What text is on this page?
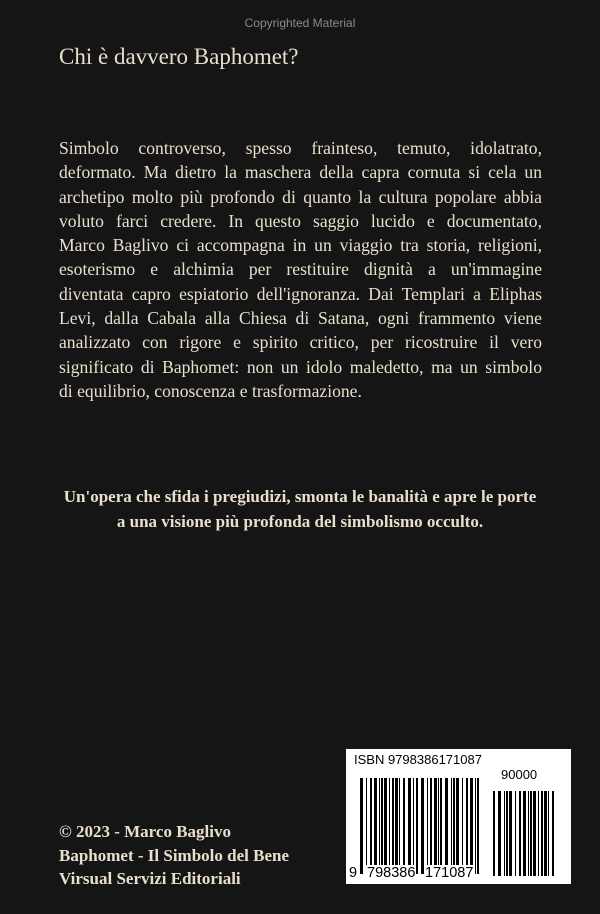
Copyrighted Material
Chi è davvero Baphomet?
Simbolo controverso, spesso frainteso, temuto, idolatrato,
deformato. Ma dietro la maschera della capra cornuta si cela un
archetipo molto più profondo di quanto la cultura popolare abbia
voluto farci credere. In questo saggio lucido e documentato,
Marco Baglivo ci accompagna in un viaggio tra storia, religioni,
esoterismo e alchimia per restituire dignità a un'immagine
diventata capro espiatorio dell'ignoranza. Dai Templari a Eliphas
Levi, dalla Cabala alla Chiesa di Satana, ogni frammento viene
analizzato con rigore e spirito critico, per ricostruire il vero
significato di Baphomet: non un idolo maledetto, ma un simbolo
di equilibrio, conoscenza e trasformazione.
Un'opera che sfida i pregiudizi, smonta le banalità e apre le porte
a una visione più profonda del simbolismo occulto.
© 2023 - Marco Baglivo
Baphomet - Il Simbolo del Bene
Virsual Servizi Editoriali
ISBN 9798386171087
90000
9 798386 171087
